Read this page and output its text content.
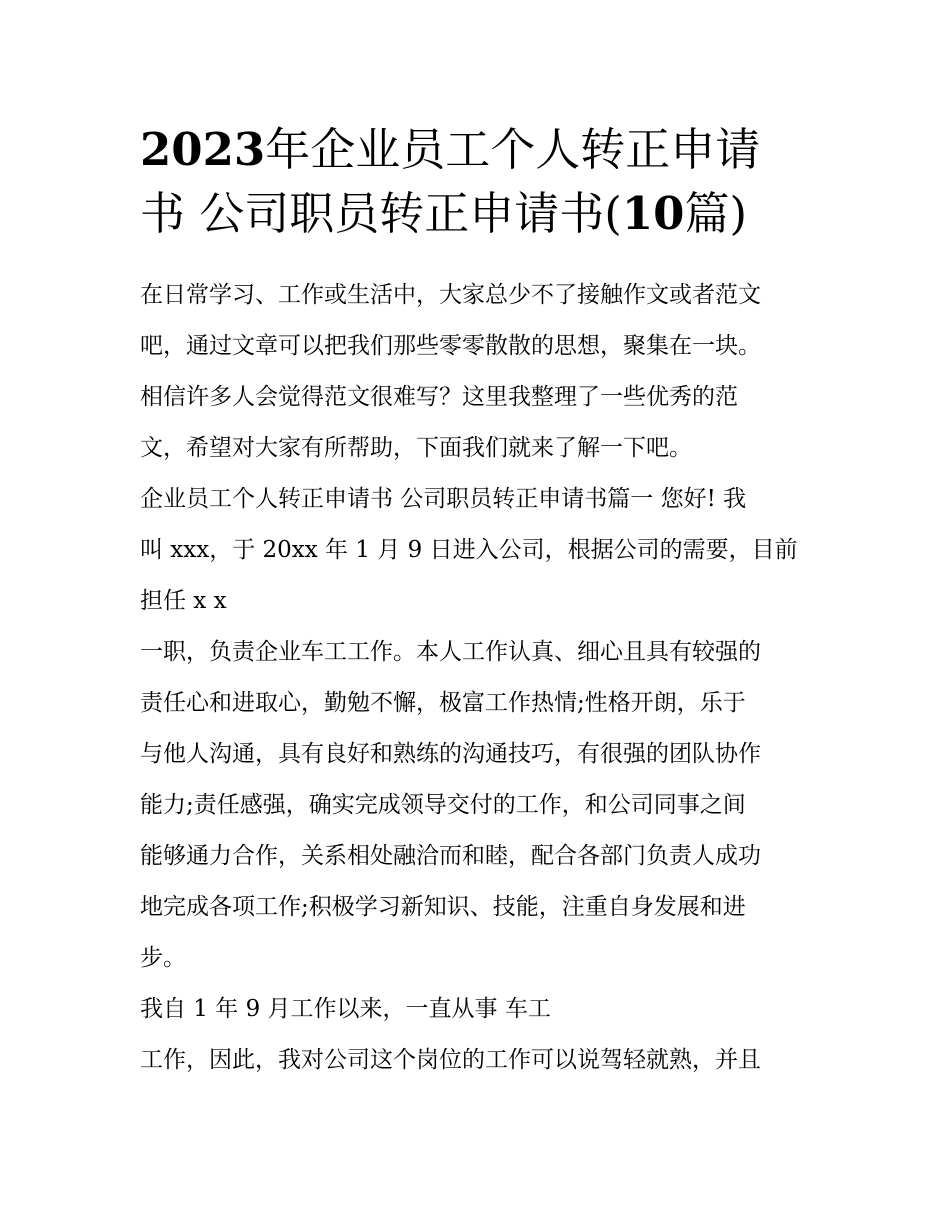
2023年企业员工个人转正申请
书 公司职员转正申请书(10篇)
在日常学习、工作或生活中，大家总少不了接触作文或者范文
吧，通过文章可以把我们那些零零散散的思想，聚集在一块。
相信许多人会觉得范文很难写？这里我整理了一些优秀的范
文，希望对大家有所帮助，下面我们就来了解一下吧。
企业员工个人转正申请书 公司职员转正申请书篇一 您好! 我
叫 xxx，于 20xx 年 1 月 9 日进入公司，根据公司的需要，目前
担任 x x
一职，负责企业车工工作。本人工作认真、细心且具有较强的
责任心和进取心，勤勉不懈，极富工作热情;性格开朗，乐于
与他人沟通，具有良好和熟练的沟通技巧，有很强的团队协作
能力;责任感强，确实完成领导交付的工作，和公司同事之间
能够通力合作，关系相处融洽而和睦，配合各部门负责人成功
地完成各项工作;积极学习新知识、技能，注重自身发展和进
步。
我自 1 年 9 月工作以来，一直从事 车工
工作，因此，我对公司这个岗位的工作可以说驾轻就熟，并且
